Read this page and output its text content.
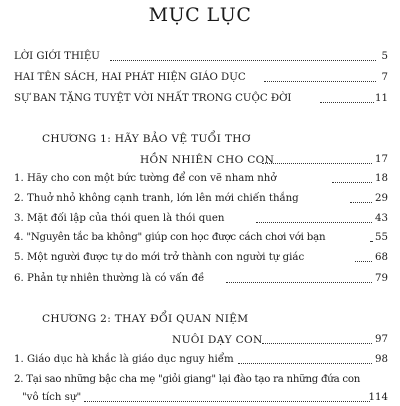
MỤC LỤC
LỜI GIỚI THIỆU	5
HAI TÊN SÁCH, HAI PHÁT HIỆN GIÁO DỤC	7
SỰ BAN TẶNG TUYỆT VỜI NHẤT TRONG CUỘC ĐỜI	11
CHƯƠNG 1: HÃY BẢO VỆ TUỔI THƠ
HỒN NHIÊN CHO CON	17
1. Hãy cho con một bức tường để con vẽ nham nhở	18
2. Thuở nhỏ không cạnh tranh, lớn lên mới chiến thắng	29
3. Mặt đối lập của thói quen là thói quen	43
4. "Nguyên tắc ba không" giúp con học được cách chơi với bạn	55
5. Một người được tự do mới trở thành con người tự giác	68
6. Phản tự nhiên thường là có vấn đề	79
CHƯƠNG 2: THAY ĐỔI QUAN NIỆM
NUÔI DẠY CON	97
1. Giáo dục hà khắc là giáo dục nguy hiểm	98
2. Tại sao những bậc cha mẹ "giỏi giang" lại đào tạo ra những đứa con
"vô tích sự"	114
